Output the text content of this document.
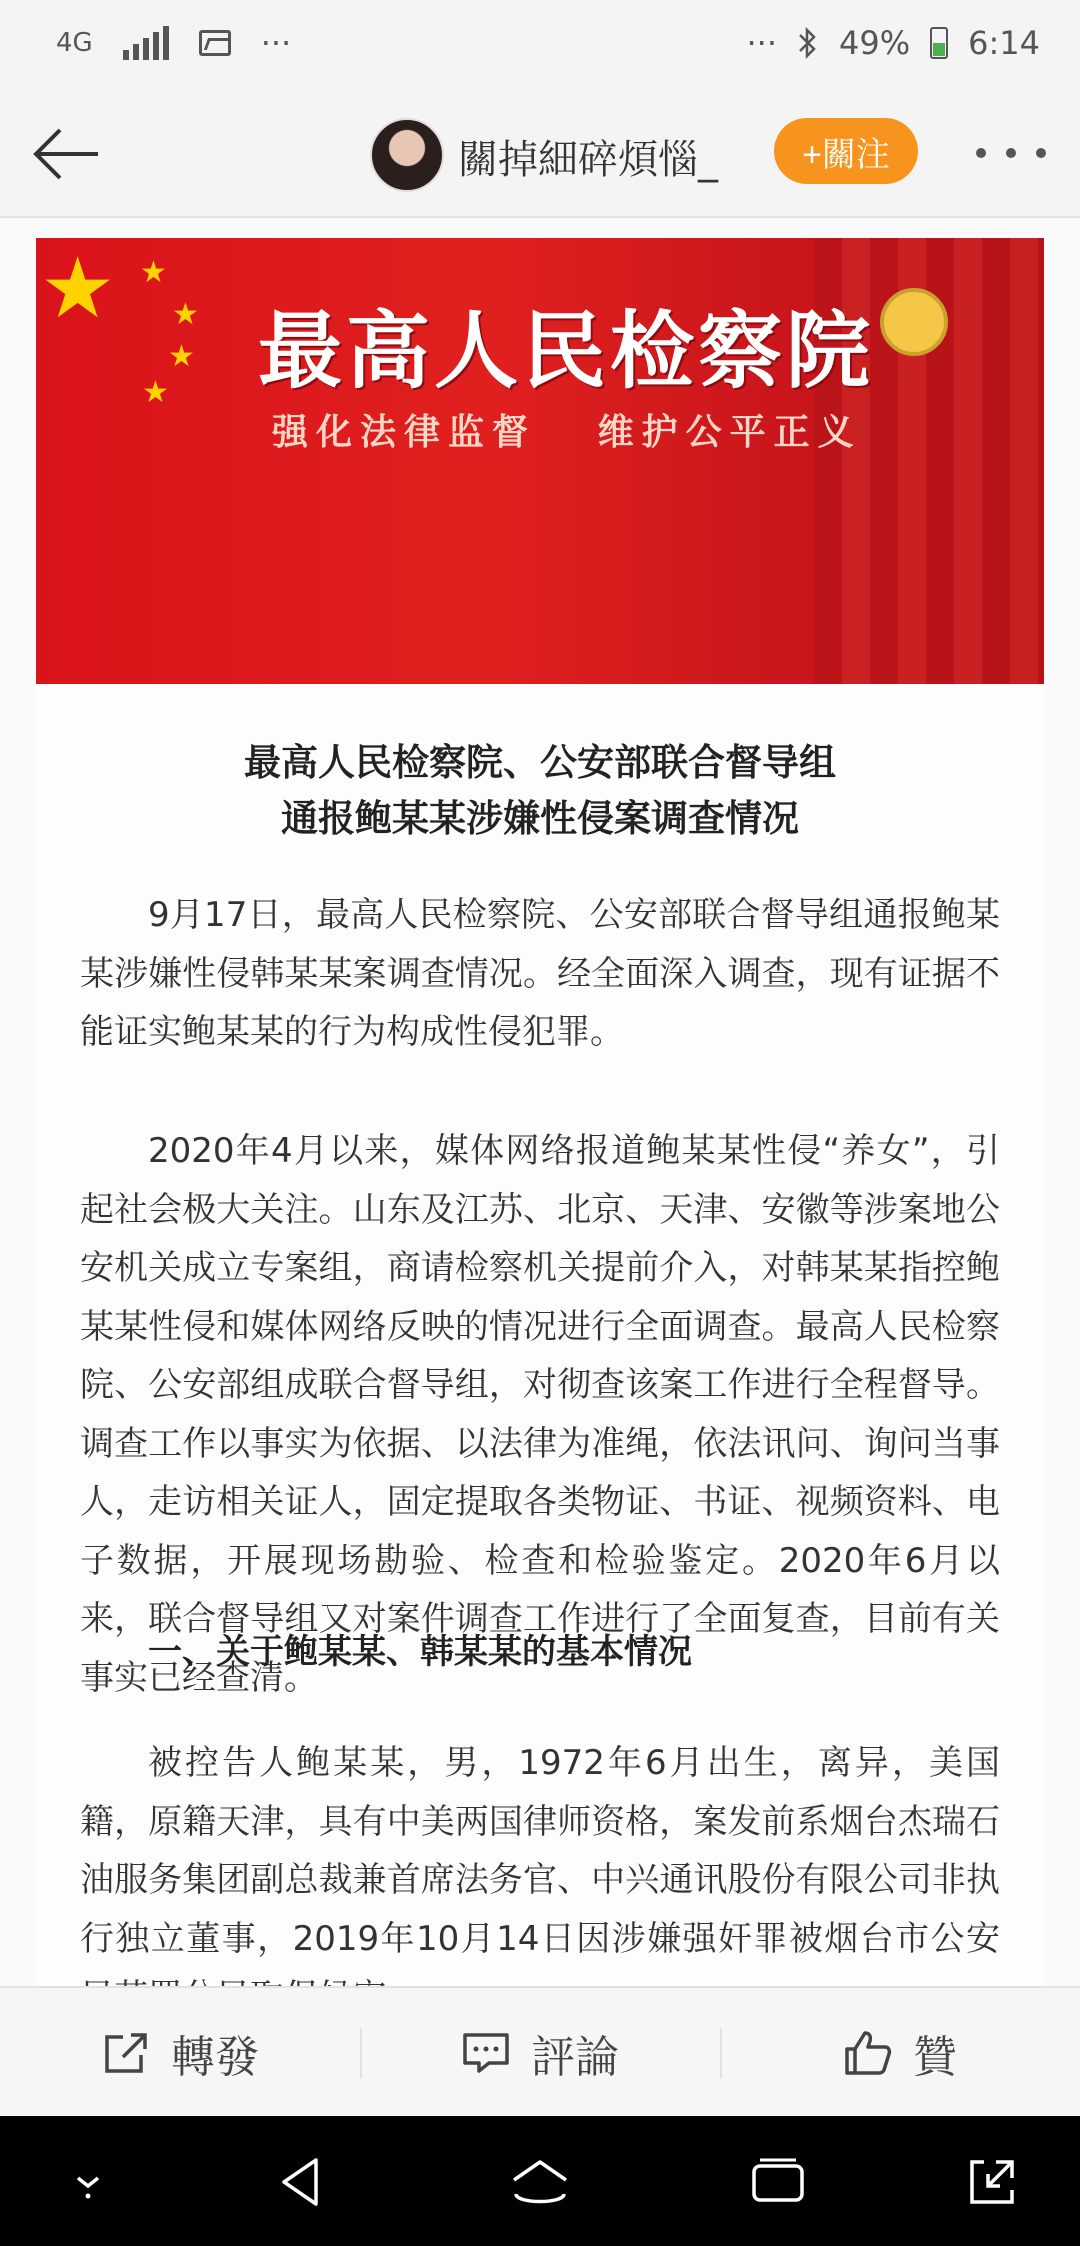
4G	···	··· 49% 6:14
關掉細碎煩惱_	+關注
★ ★
★
★
★ 最高人民检察院
强化法律监督   维护公平正义
最高人民检察院、公安部联合督导组
通报鲍某某涉嫌性侵案调查情况
9月17日，最高人民检察院、公安部联合督导组通报鲍某某涉嫌性侵韩某某案调查情况。经全面深入调查，现有证据不能证实鲍某某的行为构成性侵犯罪。
2020年4月以来，媒体网络报道鲍某某性侵“养女”，引起社会极大关注。山东及江苏、北京、天津、安徽等涉案地公安机关成立专案组，商请检察机关提前介入，对韩某某指控鲍某某性侵和媒体网络反映的情况进行全面调查。最高人民检察院、公安部组成联合督导组，对彻查该案工作进行全程督导。调查工作以事实为依据、以法律为准绳，依法讯问、询问当事人，走访相关证人，固定提取各类物证、书证、视频资料、电子数据，开展现场勘验、检查和检验鉴定。2020年6月以来，联合督导组又对案件调查工作进行了全面复查，目前有关事实已经查清。
一、关于鲍某某、韩某某的基本情况
被控告人鲍某某，男，1972年6月出生，离异，美国籍，原籍天津，具有中美两国律师资格，案发前系烟台杰瑞石油服务集团副总裁兼首席法务官、中兴通讯股份有限公司非执行独立董事，2019年10月14日因涉嫌强奸罪被烟台市公安
轉發	評論	贊
